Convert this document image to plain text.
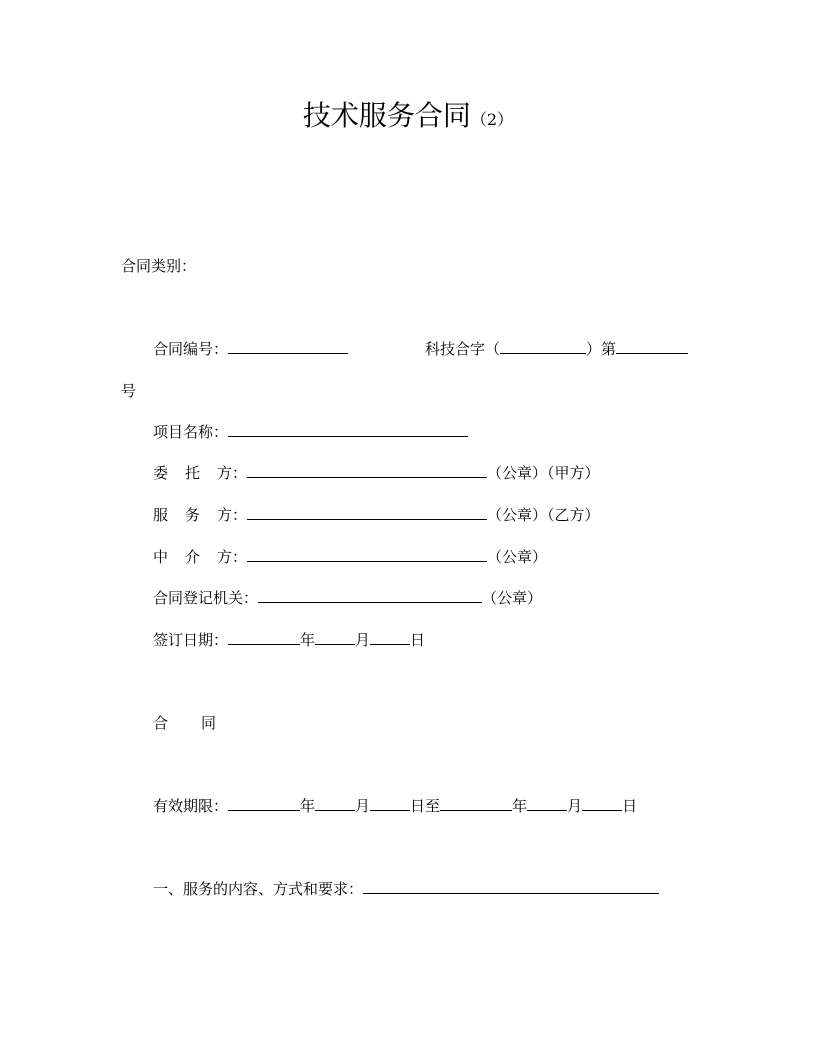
技术服务合同（2）
合同类别：
合同编号：	科技合字（	）第
号
项目名称：
委 托 方：	（公章）（甲方）
服 务 方：	（公章）（乙方）
中 介 方：	（公章）
合同登记机关：	（公章）
签订日期：	年	月	日
合 同
有效期限：	年	月	日至	年	月	日
一、服务的内容、方式和要求：
